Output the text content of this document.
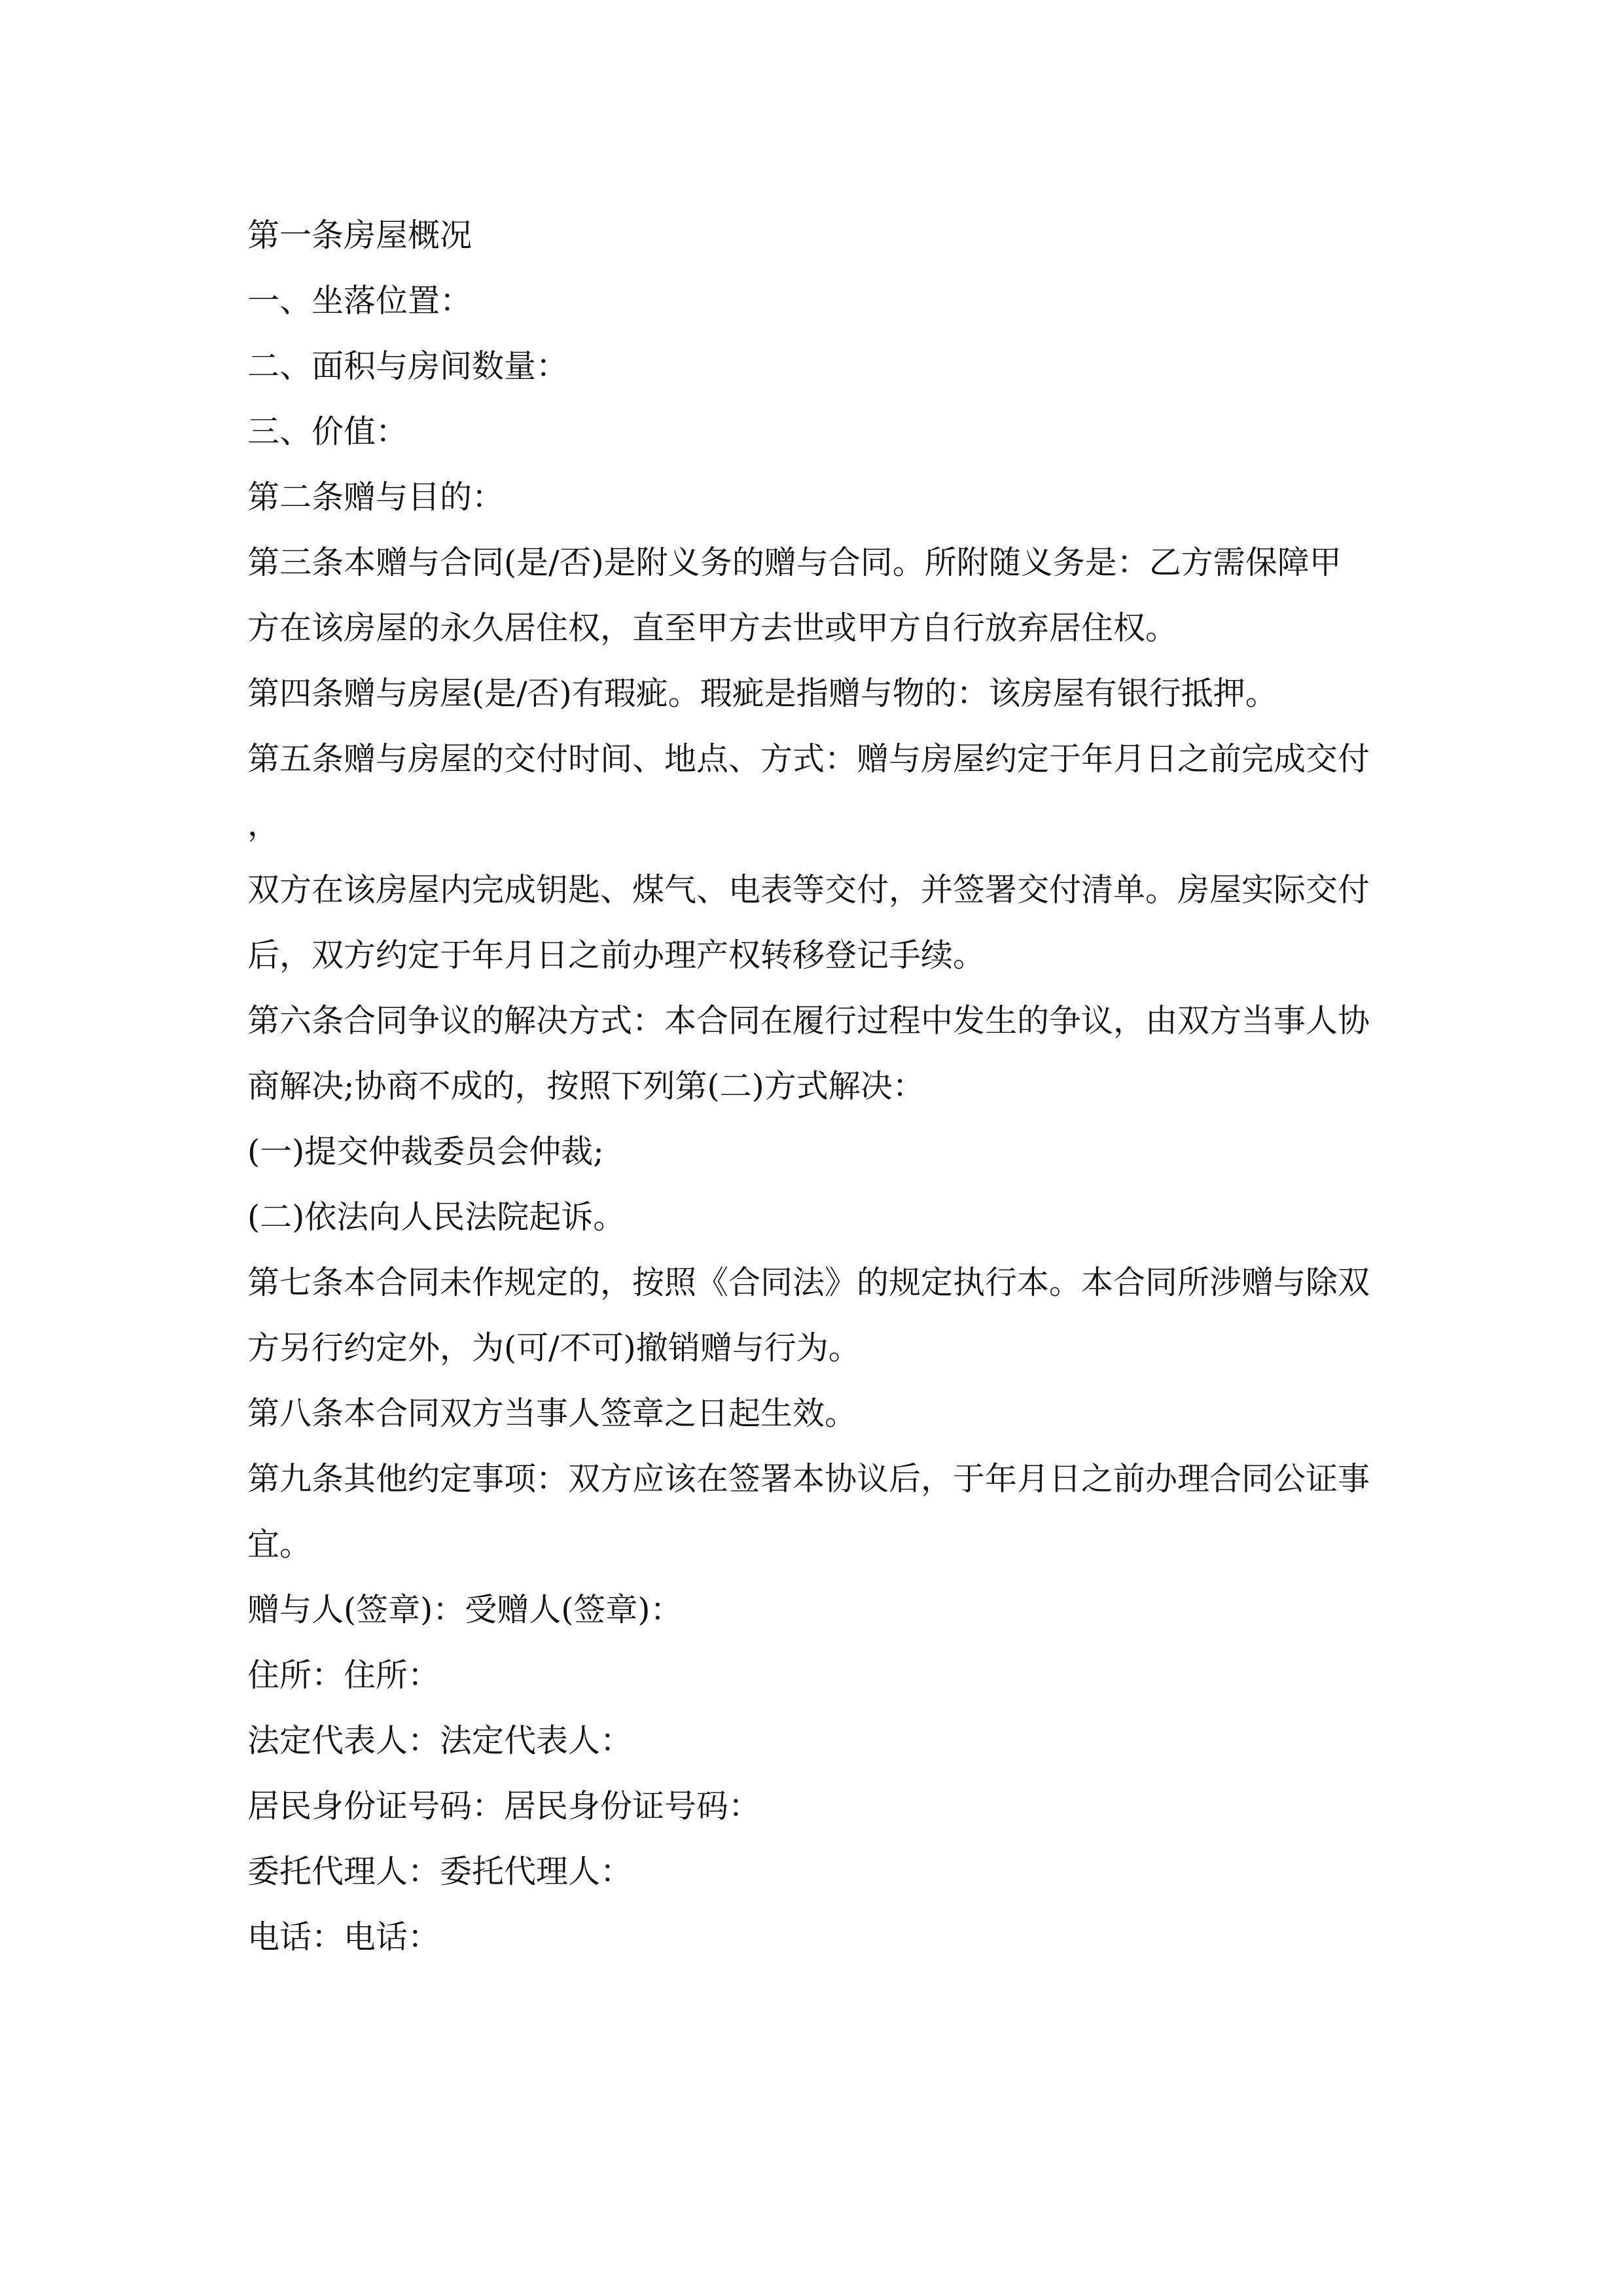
第一条房屋概况

一、坐落位置：

二、面积与房间数量：

三、价值：

第二条赠与目的：

第三条本赠与合同(是/否)是附义务的赠与合同。所附随义务是：乙方需保障甲

方在该房屋的永久居住权，直至甲方去世或甲方自行放弃居住权。

第四条赠与房屋(是/否)有瑕疵。瑕疵是指赠与物的：该房屋有银行抵押。

第五条赠与房屋的交付时间、地点、方式：赠与房屋约定于年月日之前完成交付，

双方在该房屋内完成钥匙、煤气、电表等交付，并签署交付清单。房屋实际交付

后，双方约定于年月日之前办理产权转移登记手续。

第六条合同争议的解决方式：本合同在履行过程中发生的争议，由双方当事人协

商解决;协商不成的，按照下列第(二)方式解决：

(一)提交仲裁委员会仲裁;

(二)依法向人民法院起诉。

第七条本合同未作规定的，按照《合同法》的规定执行本。本合同所涉赠与除双

方另行约定外，为(可/不可)撤销赠与行为。

第八条本合同双方当事人签章之日起生效。

第九条其他约定事项：双方应该在签署本协议后，于年月日之前办理合同公证事

宜。

赠与人(签章)：受赠人(签章)：

住所：住所：

法定代表人：法定代表人：

居民身份证号码：居民身份证号码：

委托代理人：委托代理人：

电话：电话：
